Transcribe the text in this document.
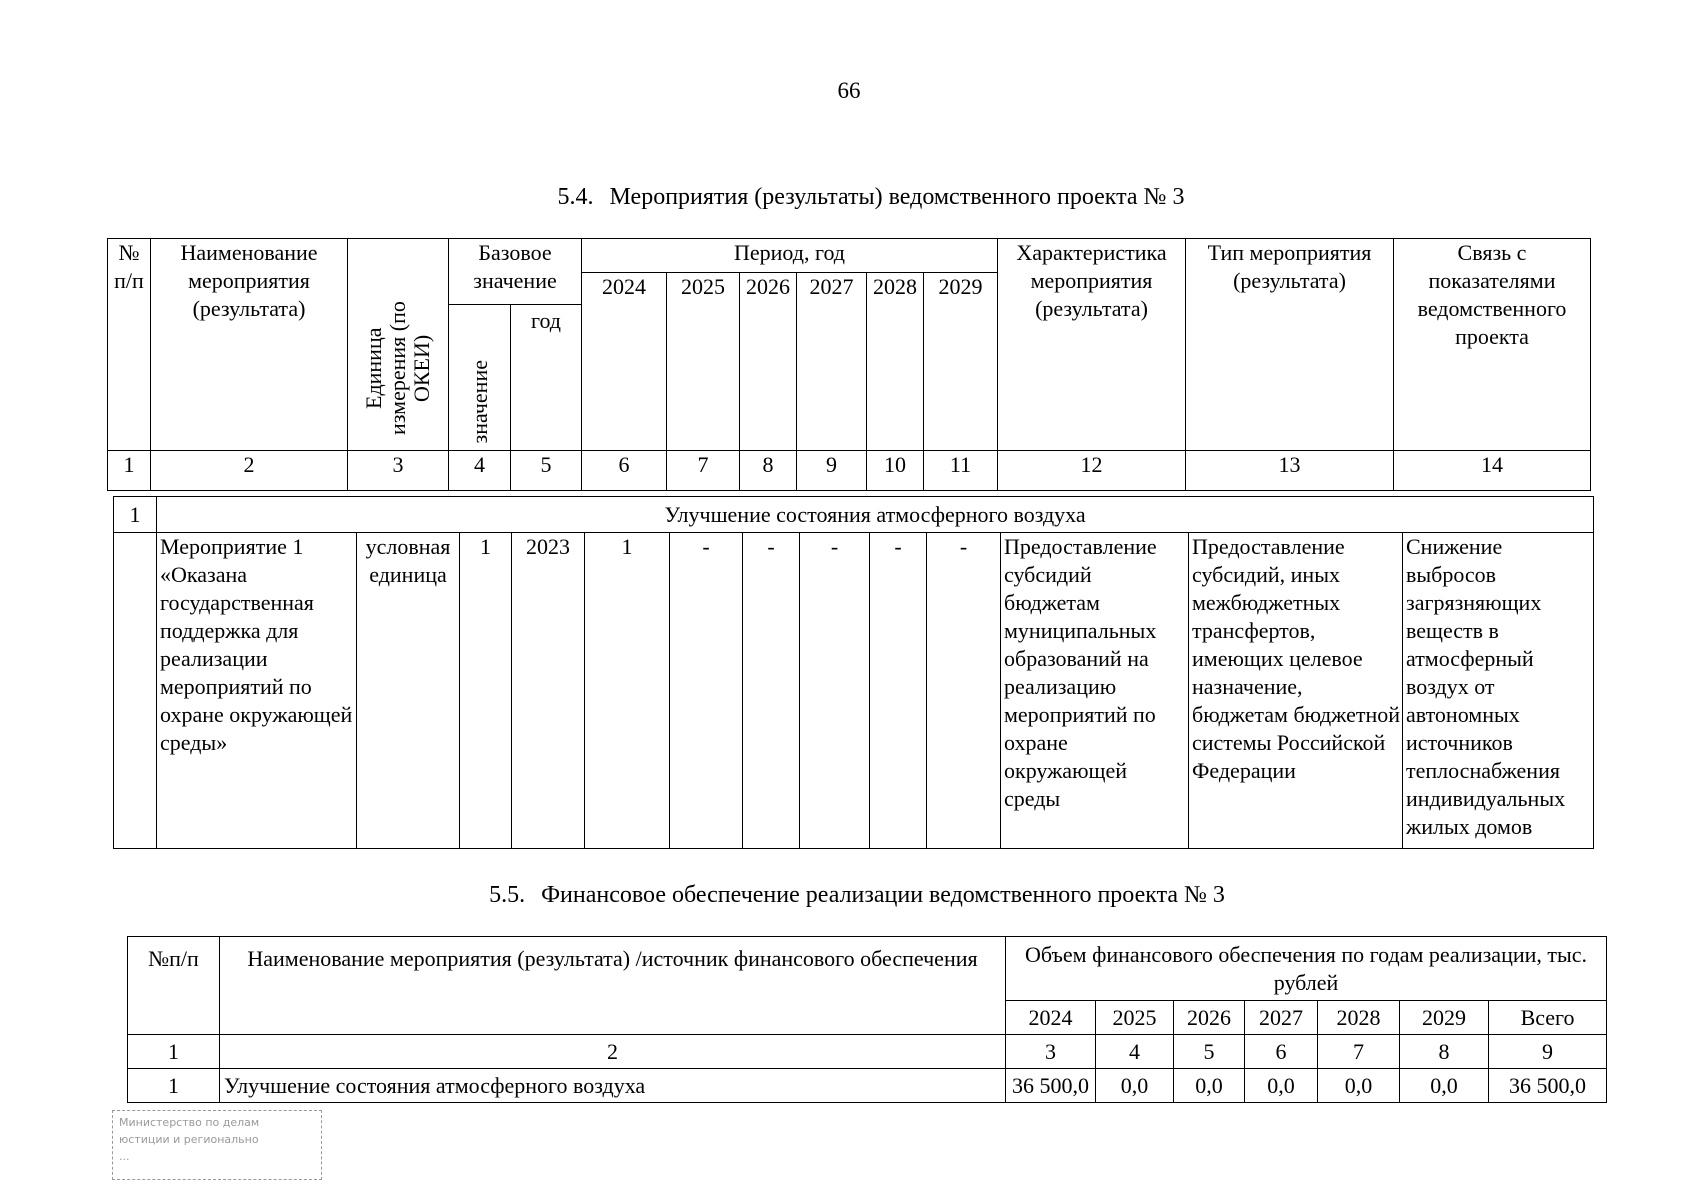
66
5.4. Мероприятия (результаты) ведомственного проекта № 3
№ п/п	Наименование мероприятия (результата)	Единица измерения (по ОКЕИ)	Базовое значение		Период, год						Характеристика мероприятия (результата)	Тип мероприятия (результата)	Связь с показателями ведомственного проекта
					2024	2025	2026	2027	2028	2029			
			значение	год									
1	2	3	4	5	6	7	8	9	10	11	12	13	14
1	Улучшение состояния атмосферного воздуха												
	Мероприятие 1 «Оказана государственная поддержка для реализации мероприятий по охране окружающей среды»	условная единица	1	2023	1	-	-	-	-	-	Предоставление субсидий бюджетам муниципальных образований на реализацию мероприятий по охране окружающей среды	Предоставление субсидий, иных межбюджетных трансфертов, имеющих целевое назначение, бюджетам бюджетной системы Российской Федерации	Снижение выбросов загрязняющих веществ в атмосферный воздух от автономных источников теплоснабжения индивидуальных жилых домов
5.5. Финансовое обеспечение реализации ведомственного проекта № 3
№п/п	Наименование мероприятия (результата) /источник финансового обеспечения	Объем финансового обеспечения по годам реализации, тыс. рублей						
		2024	2025	2026	2027	2028	2029	Всего
1	2	3	4	5	6	7	8	9
1	Улучшение состояния атмосферного воздуха	36 500,0	0,0	0,0	0,0	0,0	0,0	36 500,0
Министерство по делам
юстиции и регионально
...
